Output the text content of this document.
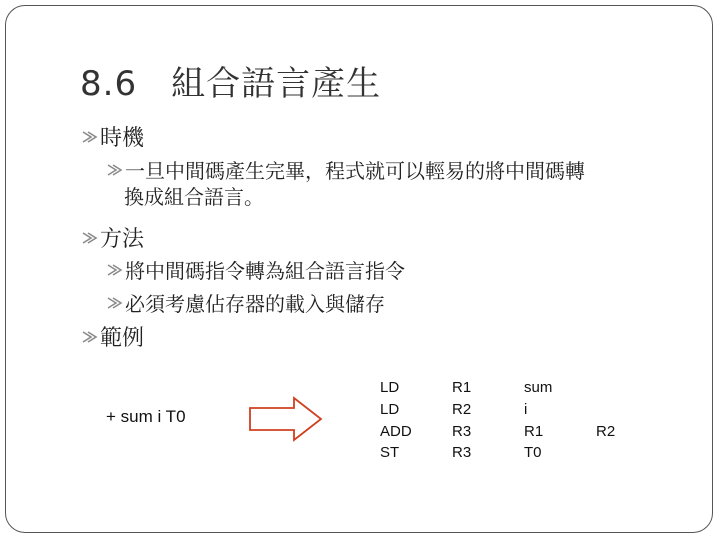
8.6 組合語言產生
時機
一旦中間碼產生完畢，程式就可以輕易的將中間碼轉
換成組合語言。
方法
將中間碼指令轉為組合語言指令
必須考慮佔存器的載入與儲存
範例
+ sum i T0
LD	R1	sum
LD	R2	i
ADD	R3	R1	R2
ST	R3	T0
